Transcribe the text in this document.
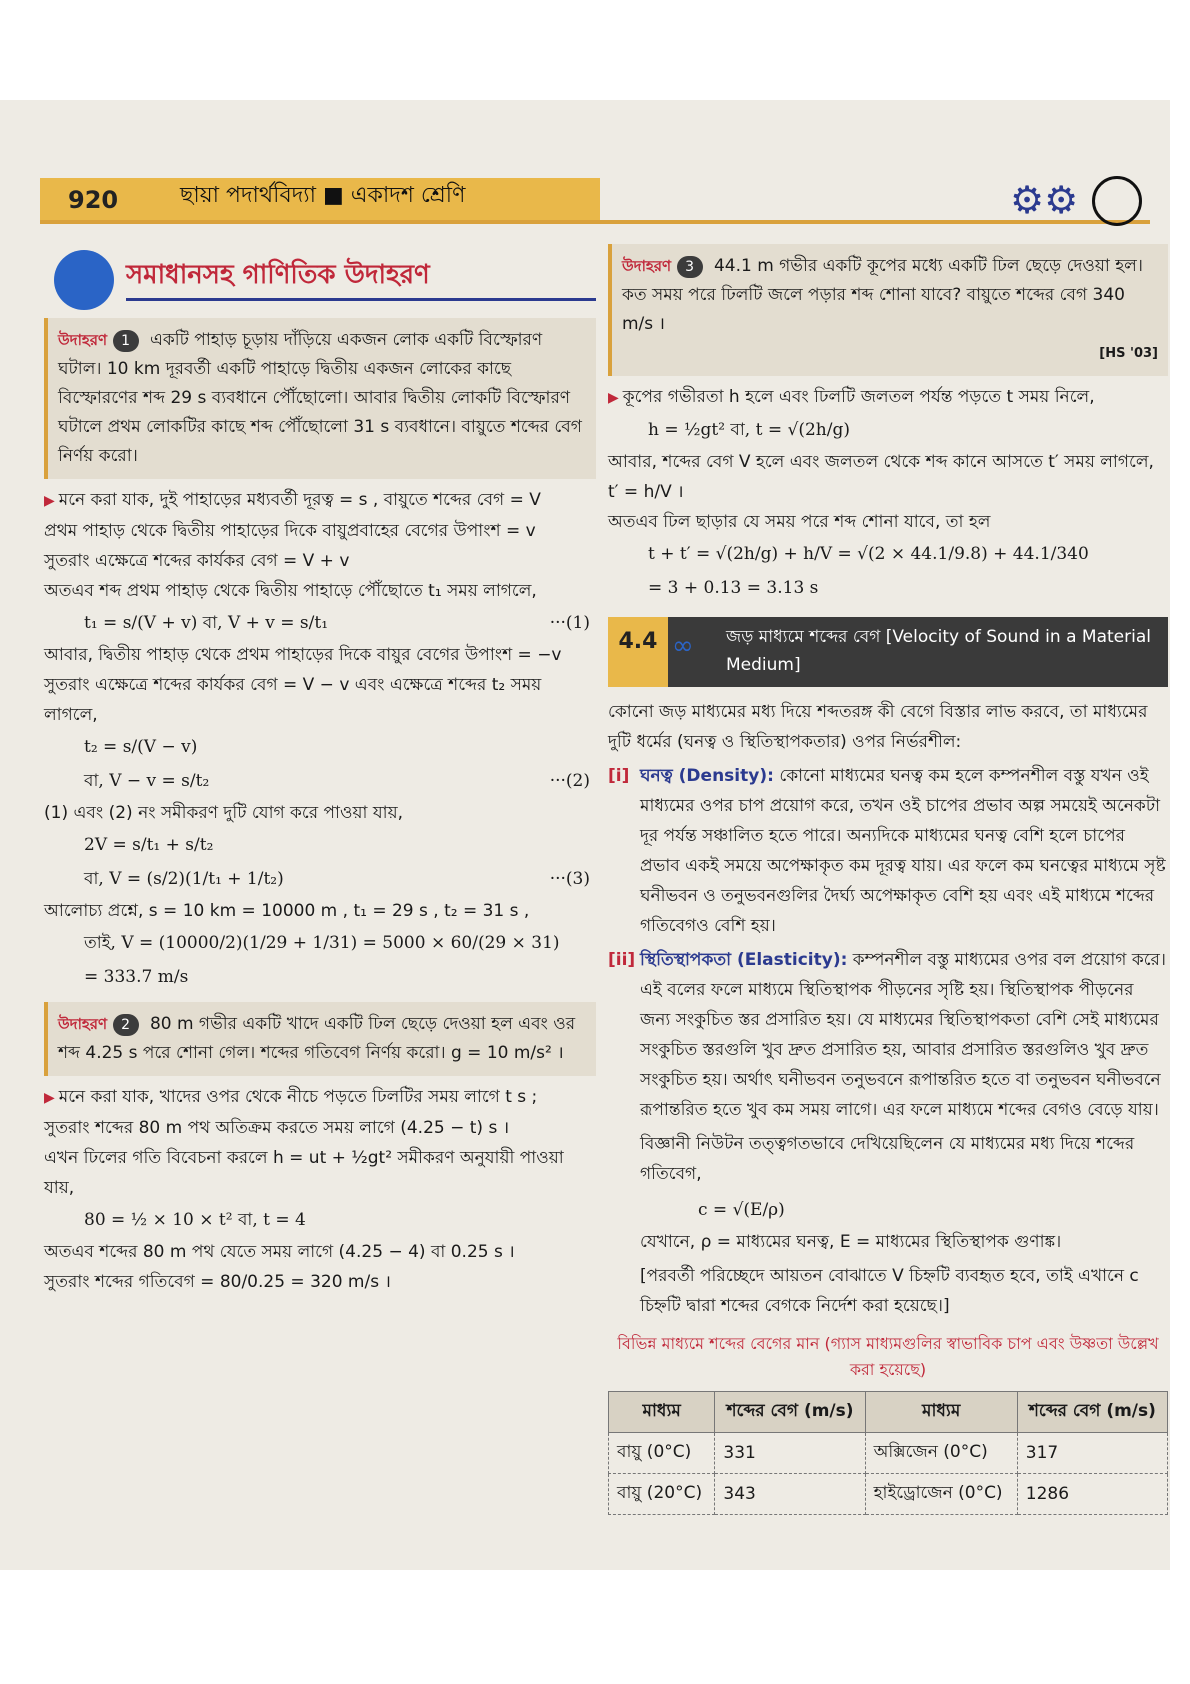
920	ছায়া পদার্থবিদ্যা ■ একাদশ শ্রেণি	⚙⚙
সমাধানসহ গাণিতিক উদাহরণ
উদাহরণ 1 একটি পাহাড় চূড়ায় দাঁড়িয়ে একজন লোক একটি বিস্ফোরণ ঘটাল। 10 km দূরবর্তী একটি পাহাড়ে দ্বিতীয় একজন লোকের কাছে বিস্ফোরণের শব্দ 29 s ব্যবধানে পৌঁছোলো। আবার দ্বিতীয় লোকটি বিস্ফোরণ ঘটালে প্রথম লোকটির কাছে শব্দ পৌঁছোলো 31 s ব্যবধানে। বায়ুতে শব্দের বেগ নির্ণয় করো।

▶ মনে করা যাক, দুই পাহাড়ের মধ্যবর্তী দূরত্ব = s , বায়ুতে শব্দের বেগ = V

প্রথম পাহাড় থেকে দ্বিতীয় পাহাড়ের দিকে বায়ুপ্রবাহের বেগের উপাংশ = v

সুতরাং এক্ষেত্রে শব্দের কার্যকর বেগ = V + v

অতএব শব্দ প্রথম পাহাড় থেকে দ্বিতীয় পাহাড়ে পৌঁছোতে t₁ সময় লাগলে,

···(1)
t₁ = s/(V + v) বা, V + v = s/t₁

আবার, দ্বিতীয় পাহাড় থেকে প্রথম পাহাড়ের দিকে বায়ুর বেগের উপাংশ = −v

সুতরাং এক্ষেত্রে শব্দের কার্যকর বেগ = V − v এবং এক্ষেত্রে শব্দের t₂ সময় লাগলে,

t₂ = s/(V − v)
···(2)
বা, V − v = s/t₂

(1) এবং (2) নং সমীকরণ দুটি যোগ করে পাওয়া যায়,

2V = s/t₁ + s/t₂
···(3)
বা, V = (s/2)(1/t₁ + 1/t₂)

আলোচ্য প্রশ্নে, s = 10 km = 10000 m , t₁ = 29 s , t₂ = 31 s ,

তাই, V = (10000/2)(1/29 + 1/31) = 5000 × 60/(29 × 31)
= 333.7 m/s
উদাহরণ 2 80 m গভীর একটি খাদে একটি ঢিল ছেড়ে দেওয়া হল এবং ওর শব্দ 4.25 s পরে শোনা গেল। শব্দের গতিবেগ নির্ণয় করো। g = 10 m/s² ।

▶ মনে করা যাক, খাদের ওপর থেকে নীচে পড়তে ঢিলটির সময় লাগে t s ;

সুতরাং শব্দের 80 m পথ অতিক্রম করতে সময় লাগে (4.25 − t) s ।

এখন ঢিলের গতি বিবেচনা করলে h = ut + ½gt² সমীকরণ অনুযায়ী পাওয়া যায়,

80 = ½ × 10 × t² বা, t = 4

অতএব শব্দের 80 m পথ যেতে সময় লাগে (4.25 − 4) বা 0.25 s ।

সুতরাং শব্দের গতিবেগ = 80/0.25 = 320 m/s ।

উদাহরণ 3 44.1 m গভীর একটি কূপের মধ্যে একটি ঢিল ছেড়ে দেওয়া হল। কত সময় পরে ঢিলটি জলে পড়ার শব্দ শোনা যাবে? বায়ুতে শব্দের বেগ 340 m/s ।
[HS '03]

▶ কূপের গভীরতা h হলে এবং ঢিলটি জলতল পর্যন্ত পড়তে t সময় নিলে,

h = ½gt² বা, t = √(2h/g)

আবার, শব্দের বেগ V হলে এবং জলতল থেকে শব্দ কানে আসতে t′ সময় লাগলে, t′ = h/V ।

অতএব ঢিল ছাড়ার যে সময় পরে শব্দ শোনা যাবে, তা হল

t + t′ = √(2h/g) + h/V = √(2 × 44.1/9.8) + 44.1/340
= 3 + 0.13 = 3.13 s
4.4 ∞ জড় মাধ্যমে শব্দের বেগ [Velocity of Sound in a Material Medium]

কোনো জড় মাধ্যমের মধ্য দিয়ে শব্দতরঙ্গ কী বেগে বিস্তার লাভ করবে, তা মাধ্যমের দুটি ধর্মের (ঘনত্ব ও স্থিতিস্থাপকতার) ওপর নির্ভরশীল:

[i] ঘনত্ব (Density): কোনো মাধ্যমের ঘনত্ব কম হলে কম্পনশীল বস্তু যখন ওই মাধ্যমের ওপর চাপ প্রয়োগ করে, তখন ওই চাপের প্রভাব অল্প সময়েই অনেকটা দূর পর্যন্ত সঞ্চালিত হতে পারে। অন্যদিকে মাধ্যমের ঘনত্ব বেশি হলে চাপের প্রভাব একই সময়ে অপেক্ষাকৃত কম দূরত্ব যায়। এর ফলে কম ঘনত্বের মাধ্যমে সৃষ্ট ঘনীভবন ও তনুভবনগুলির দৈর্ঘ্য অপেক্ষাকৃত বেশি হয় এবং এই মাধ্যমে শব্দের গতিবেগও বেশি হয়।
[ii] স্থিতিস্থাপকতা (Elasticity): কম্পনশীল বস্তু মাধ্যমের ওপর বল প্রয়োগ করে। এই বলের ফলে মাধ্যমে স্থিতিস্থাপক পীড়নের সৃষ্টি হয়। স্থিতিস্থাপক পীড়নের জন্য সংকুচিত স্তর প্রসারিত হয়। যে মাধ্যমের স্থিতিস্থাপকতা বেশি সেই মাধ্যমের সংকুচিত স্তরগুলি খুব দ্রুত প্রসারিত হয়, আবার প্রসারিত স্তরগুলিও খুব দ্রুত সংকুচিত হয়। অর্থাৎ ঘনীভবন তনুভবনে রূপান্তরিত হতে বা তনুভবন ঘনীভবনে রূপান্তরিত হতে খুব কম সময় লাগে। এর ফলে মাধ্যমে শব্দের বেগও বেড়ে যায়।

বিজ্ঞানী নিউটন তত্ত্বগতভাবে দেখিয়েছিলেন যে মাধ্যমের মধ্য দিয়ে শব্দের গতিবেগ,

c = √(E/ρ)

যেখানে, ρ = মাধ্যমের ঘনত্ব, E = মাধ্যমের স্থিতিস্থাপক গুণাঙ্ক।

[পরবর্তী পরিচ্ছেদে আয়তন বোঝাতে V চিহ্নটি ব্যবহৃত হবে, তাই এখানে c চিহ্নটি দ্বারা শব্দের বেগকে নির্দেশ করা হয়েছে।]

বিভিন্ন মাধ্যমে শব্দের বেগের মান (গ্যাস মাধ্যমগুলির স্বাভাবিক চাপ এবং উষ্ণতা উল্লেখ করা হয়েছে)
মাধ্যম	শব্দের বেগ (m/s)	মাধ্যম	শব্দের বেগ (m/s)
বায়ু (0°C)	331	অক্সিজেন (0°C)	317
বায়ু (20°C)	343	হাইড্রোজেন (0°C)	1286
